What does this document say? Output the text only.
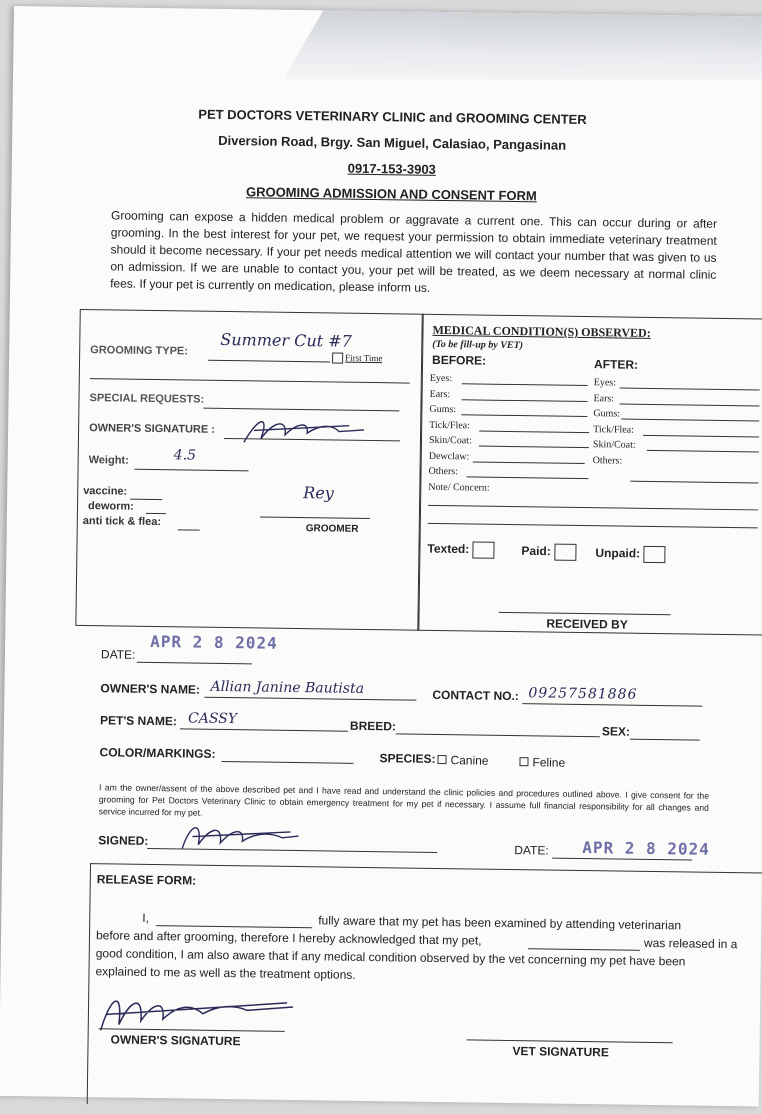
PET DOCTORS VETERINARY CLINIC and GROOMING CENTER
Diversion Road, Brgy. San Miguel, Calasiao, Pangasinan
0917-153-3903
GROOMING ADMISSION AND CONSENT FORM
Grooming can expose a hidden medical problem or aggravate a current one. This can occur during or after grooming. In the best interest for your pet, we request your permission to obtain immediate veterinary treatment should it become necessary. If your pet needs medical attention we will contact your number that was given to us on admission. If we are unable to contact you, your pet will be treated, as we deem necessary at normal clinic fees. If your pet is currently on medication, please inform us.
GROOMING TYPE:
Summer Cut #7
First Time
SPECIAL REQUESTS:
OWNER'S SIGNATURE :
Weight:	4.5
vaccine:
deworm:
anti tick & flea:
Rey
GROOMER
MEDICAL CONDITION(S) OBSERVED:
(To be fill-up by VET)
BEFORE:	AFTER:
Eyes:
Ears:
Gums:
Tick/Flea:
Skin/Coat:
Dewclaw:
Others:
Note/ Concern:
Eyes:
Ears:
Gums:
Tick/Flea:
Skin/Coat:
Others:
Texted:	Paid:	Unpaid:
RECEIVED BY
DATE:
APR 2 8 2024
OWNER'S NAME: Allian Janine Bautista	CONTACT NO.: 09257581886
PET'S NAME: CASSY	BREED:	SEX:
COLOR/MARKINGS:	SPECIES:	Canine	Feline
I am the owner/assent of the above described pet and I have read and understand the clinic policies and procedures outlined above. I give consent for the grooming for Pet Doctors Veterinary Clinic to obtain emergency treatment for my pet if necessary. I assume full financial responsibility for all changes and service incurred for my pet.
SIGNED:
DATE: APR 2 8 2024
RELEASE FORM:
I,	fully aware that my pet has been examined by attending veterinarian
before and after grooming, therefore I hereby acknowledged that my pet,	was released in a
good condition, I am also aware that if any medical condition observed by the vet concerning my pet have been
explained to me as well as the treatment options.
OWNER'S SIGNATURE
VET SIGNATURE
